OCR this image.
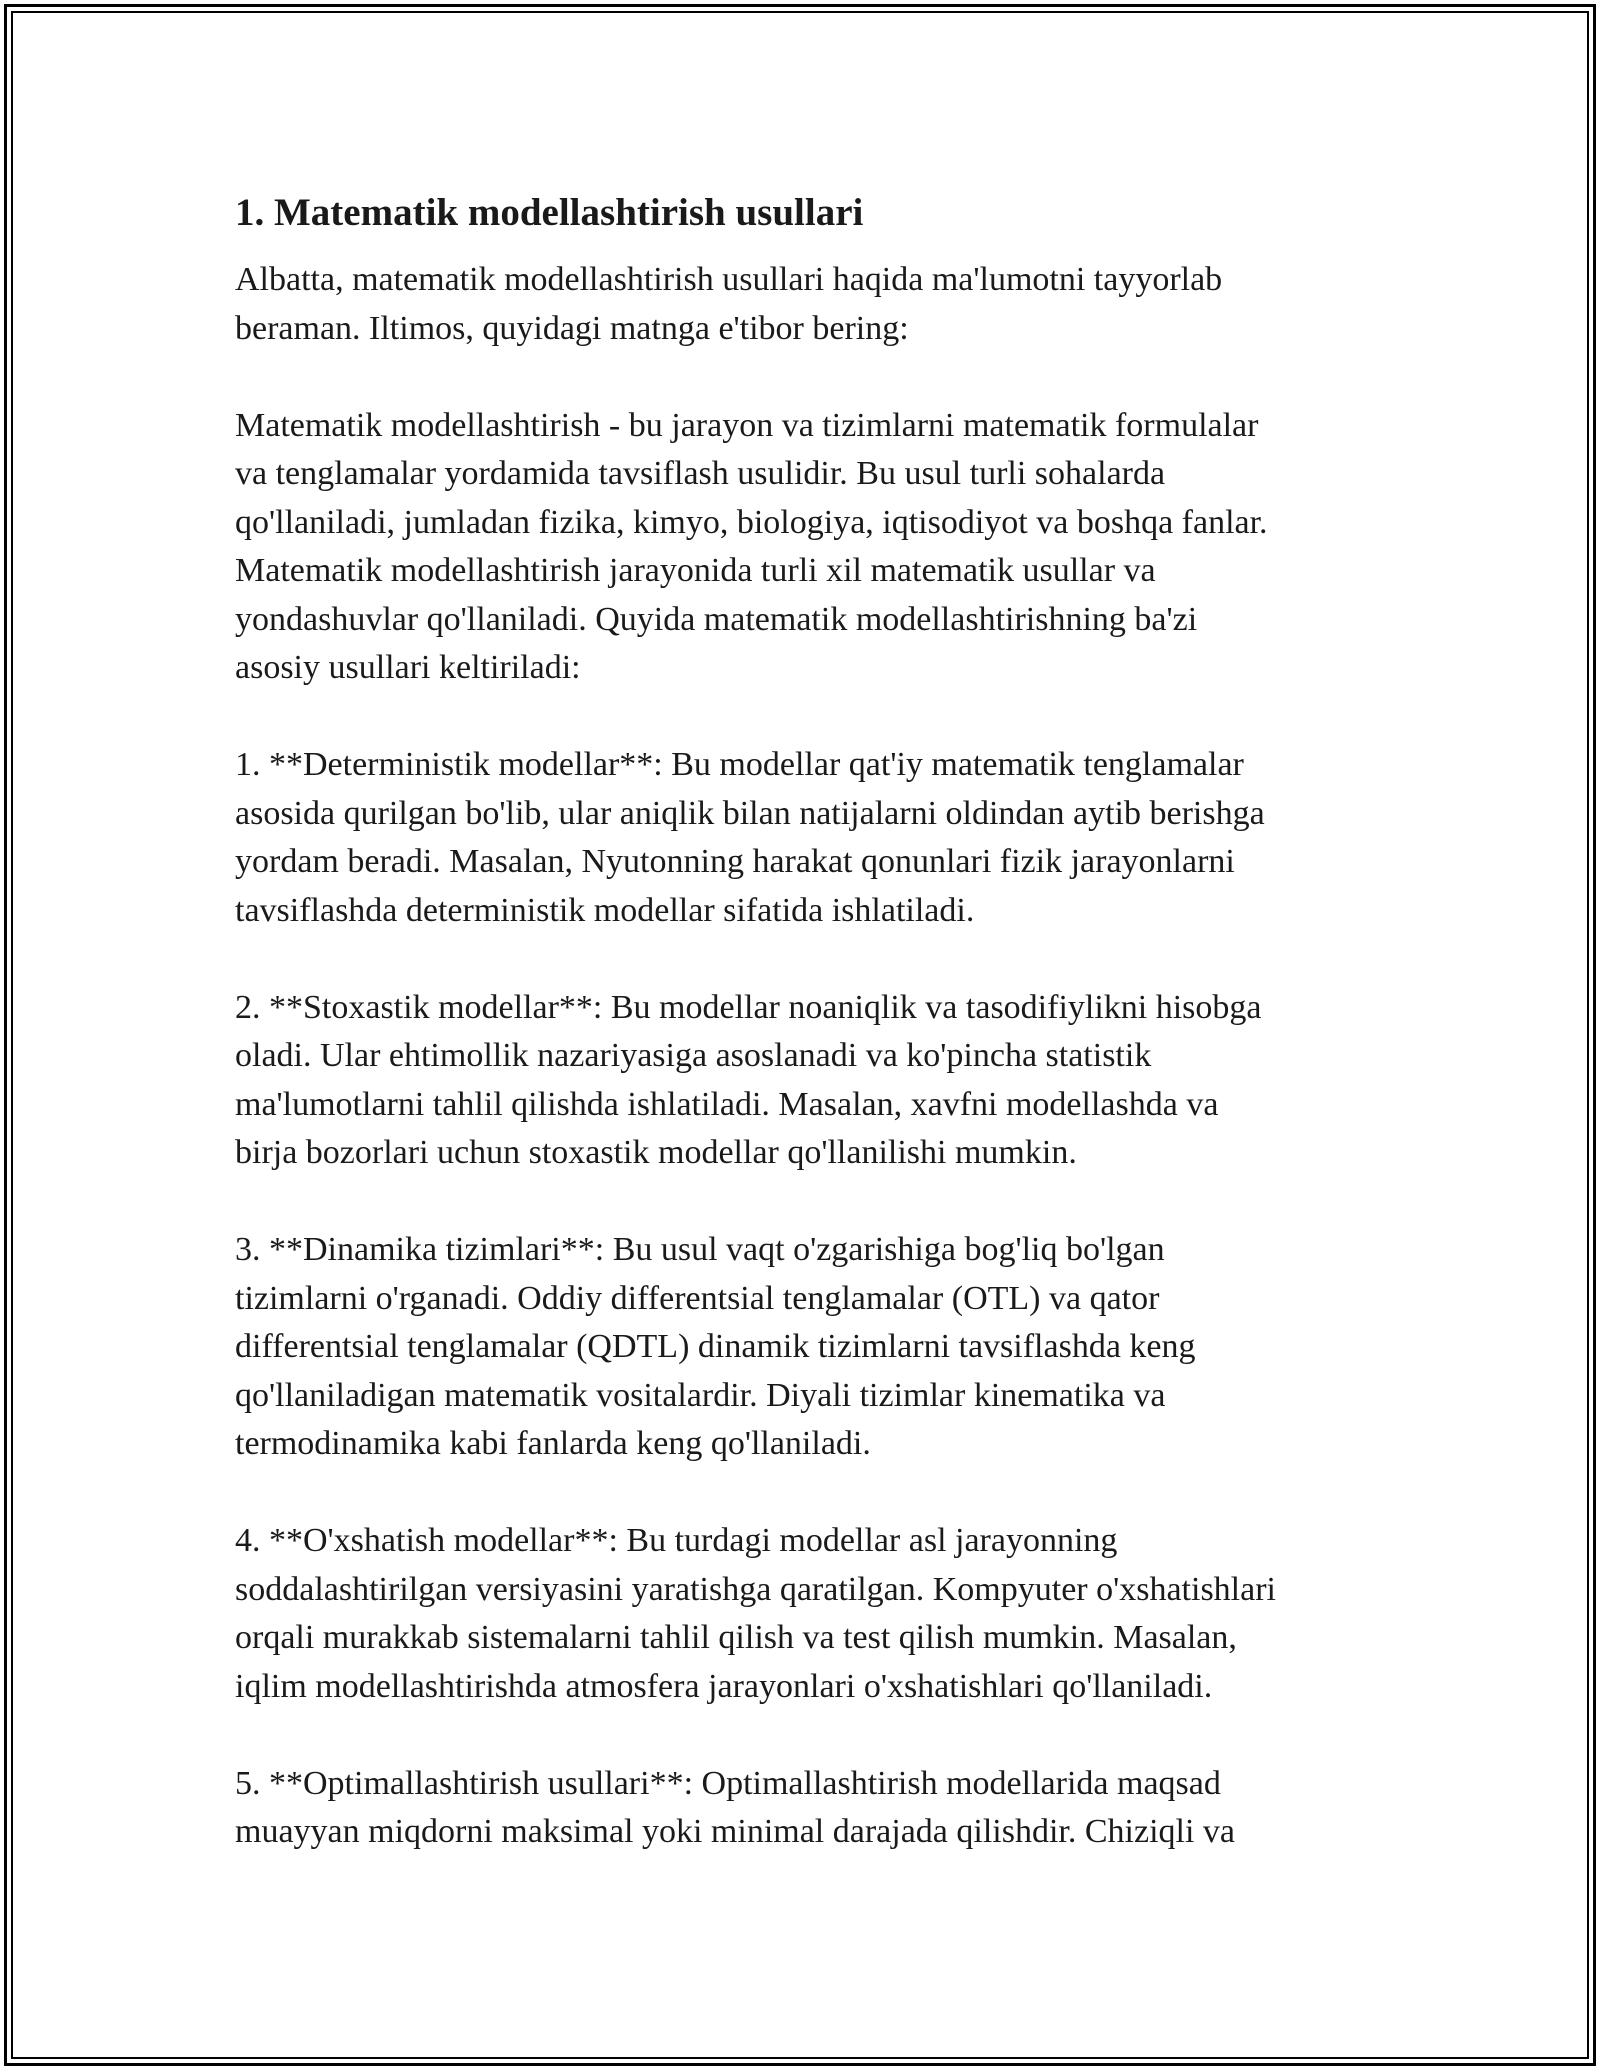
1. Matematik modellashtirish usullari

Albatta, matematik modellashtirish usullari haqida ma'lumotni tayyorlab
beraman. Iltimos, quyidagi matnga e'tibor bering:

Matematik modellashtirish - bu jarayon va tizimlarni matematik formulalar
va tenglamalar yordamida tavsiflash usulidir. Bu usul turli sohalarda
qo'llaniladi, jumladan fizika, kimyo, biologiya, iqtisodiyot va boshqa fanlar.
Matematik modellashtirish jarayonida turli xil matematik usullar va
yondashuvlar qo'llaniladi. Quyida matematik modellashtirishning ba'zi
asosiy usullari keltiriladi:

1. **Deterministik modellar**: Bu modellar qat'iy matematik tenglamalar
asosida qurilgan bo'lib, ular aniqlik bilan natijalarni oldindan aytib berishga
yordam beradi. Masalan, Nyutonning harakat qonunlari fizik jarayonlarni
tavsiflashda deterministik modellar sifatida ishlatiladi.

2. **Stoxastik modellar**: Bu modellar noaniqlik va tasodifiylikni hisobga
oladi. Ular ehtimollik nazariyasiga asoslanadi va ko'pincha statistik
ma'lumotlarni tahlil qilishda ishlatiladi. Masalan, xavfni modellashda va
birja bozorlari uchun stoxastik modellar qo'llanilishi mumkin.

3. **Dinamika tizimlari**: Bu usul vaqt o'zgarishiga bog'liq bo'lgan
tizimlarni o'rganadi. Oddiy differentsial tenglamalar (OTL) va qator
differentsial tenglamalar (QDTL) dinamik tizimlarni tavsiflashda keng
qo'llaniladigan matematik vositalardir. Diyali tizimlar kinematika va
termodinamika kabi fanlarda keng qo'llaniladi.

4. **O'xshatish modellar**: Bu turdagi modellar asl jarayonning
soddalashtirilgan versiyasini yaratishga qaratilgan. Kompyuter o'xshatishlari
orqali murakkab sistemalarni tahlil qilish va test qilish mumkin. Masalan,
iqlim modellashtirishda atmosfera jarayonlari o'xshatishlari qo'llaniladi.

5. **Optimallashtirish usullari**: Optimallashtirish modellarida maqsad
muayyan miqdorni maksimal yoki minimal darajada qilishdir. Chiziqli va
